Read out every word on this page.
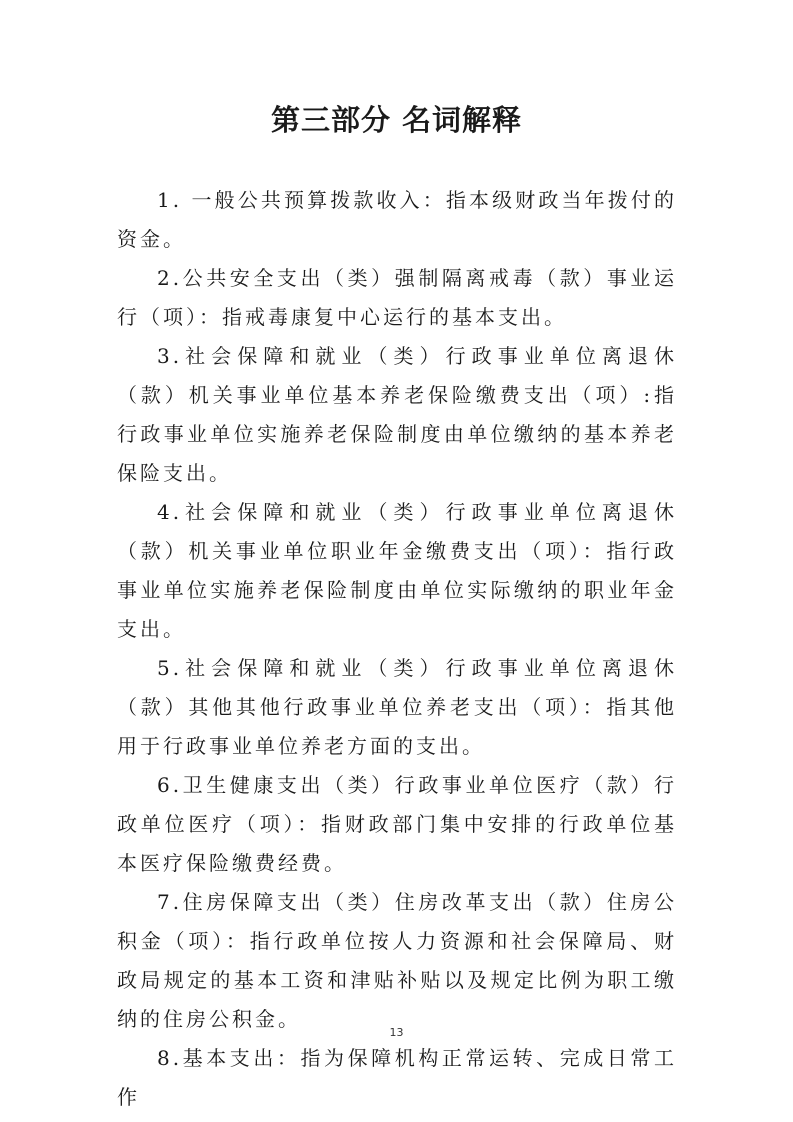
第三部分 名词解释

1. 一般公共预算拨款收入：指本级财政当年拨付的资金。

2.公共安全支出（类）强制隔离戒毒（款）事业运行（项）：指戒毒康复中心运行的基本支出。

3.社会保障和就业（类）行政事业单位离退休（款）机关事业单位基本养老保险缴费支出（项）:指行政事业单位实施养老保险制度由单位缴纳的基本养老保险支出。

4.社会保障和就业（类）行政事业单位离退休（款）机关事业单位职业年金缴费支出（项）：指行政事业单位实施养老保险制度由单位实际缴纳的职业年金支出。

5.社会保障和就业（类）行政事业单位离退休（款）其他其他行政事业单位养老支出（项）：指其他用于行政事业单位养老方面的支出。

6.卫生健康支出（类）行政事业单位医疗（款）行政单位医疗（项）：指财政部门集中安排的行政单位基本医疗保险缴费经费。

7.住房保障支出（类）住房改革支出（款）住房公积金（项）：指行政单位按人力资源和社会保障局、财政局规定的基本工资和津贴补贴以及规定比例为职工缴纳的住房公积金。

8.基本支出：指为保障机构正常运转、完成日常工作

13
